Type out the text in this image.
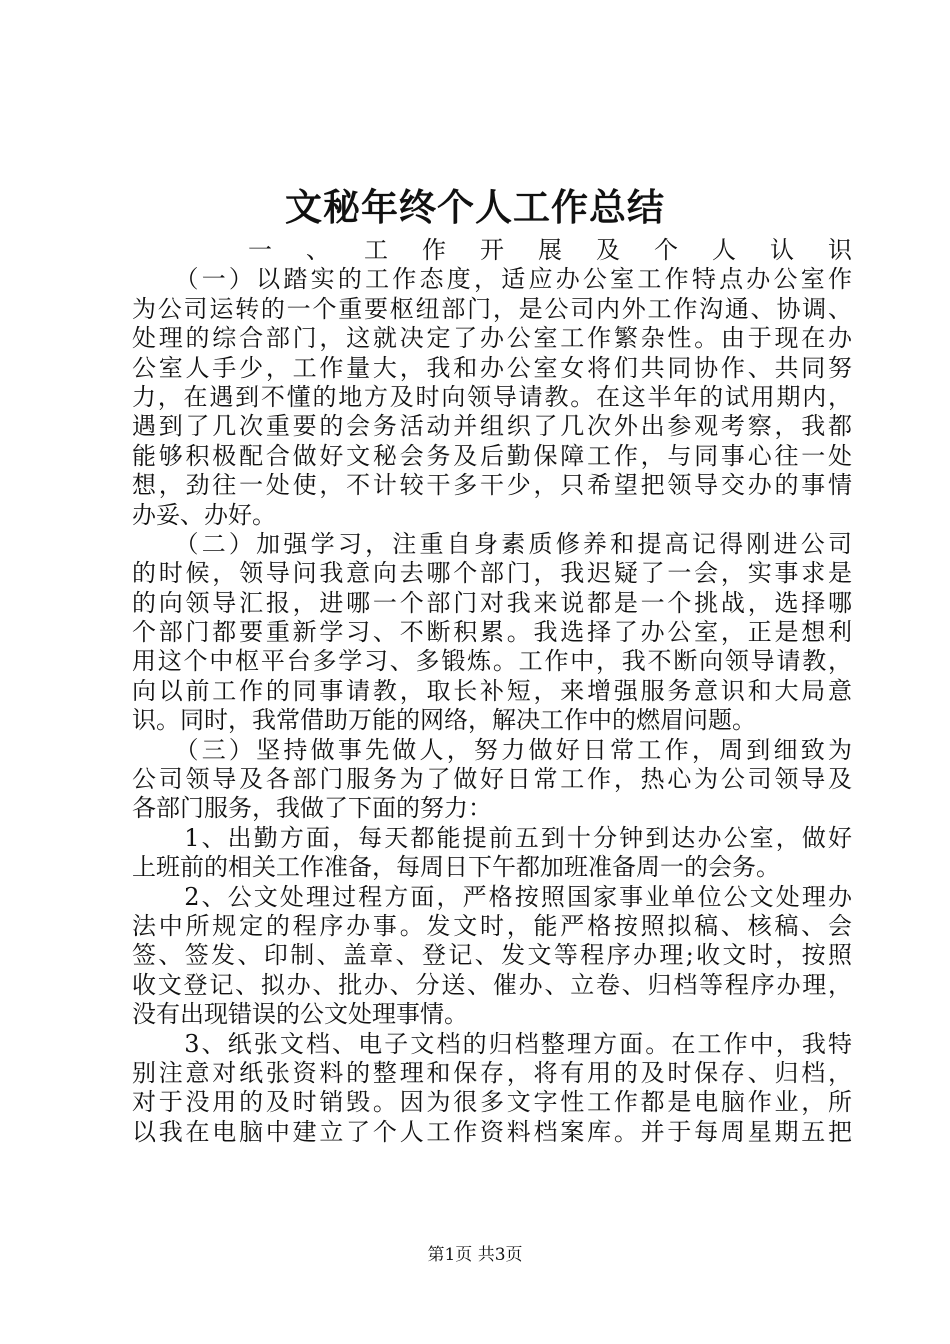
文秘年终个人工作总结
　　一、工作开展及个人认识
　　（一）以踏实的工作态度，适应办公室工作特点办公室作
为公司运转的一个重要枢纽部门，是公司内外工作沟通、协调、
处理的综合部门，这就决定了办公室工作繁杂性。由于现在办
公室人手少，工作量大，我和办公室女将们共同协作、共同努
力，在遇到不懂的地方及时向领导请教。在这半年的试用期内，
遇到了几次重要的会务活动并组织了几次外出参观考察，我都
能够积极配合做好文秘会务及后勤保障工作，与同事心往一处
想，劲往一处使，不计较干多干少，只希望把领导交办的事情
办妥、办好。
　　（二）加强学习，注重自身素质修养和提高记得刚进公司
的时候，领导问我意向去哪个部门，我迟疑了一会，实事求是
的向领导汇报，进哪一个部门对我来说都是一个挑战，选择哪
个部门都要重新学习、不断积累。我选择了办公室，正是想利
用这个中枢平台多学习、多锻炼。工作中，我不断向领导请教，
向以前工作的同事请教，取长补短，来增强服务意识和大局意
识。同时，我常借助万能的网络，解决工作中的燃眉问题。
　　（三）坚持做事先做人，努力做好日常工作，周到细致为
公司领导及各部门服务为了做好日常工作，热心为公司领导及
各部门服务，我做了下面的努力：
　　1、出勤方面，每天都能提前五到十分钟到达办公室，做好
上班前的相关工作准备，每周日下午都加班准备周一的会务。
　　2、公文处理过程方面，严格按照国家事业单位公文处理办
法中所规定的程序办事。发文时，能严格按照拟稿、核稿、会
签、签发、印制、盖章、登记、发文等程序办理;收文时，按照
收文登记、拟办、批办、分送、催办、立卷、归档等程序办理，
没有出现错误的公文处理事情。
　　3、纸张文档、电子文档的归档整理方面。在工作中，我特
别注意对纸张资料的整理和保存，将有用的及时保存、归档，
对于没用的及时销毁。因为很多文字性工作都是电脑作业，所
以我在电脑中建立了个人工作资料档案库。并于每周星期五把
第1页 共3页
